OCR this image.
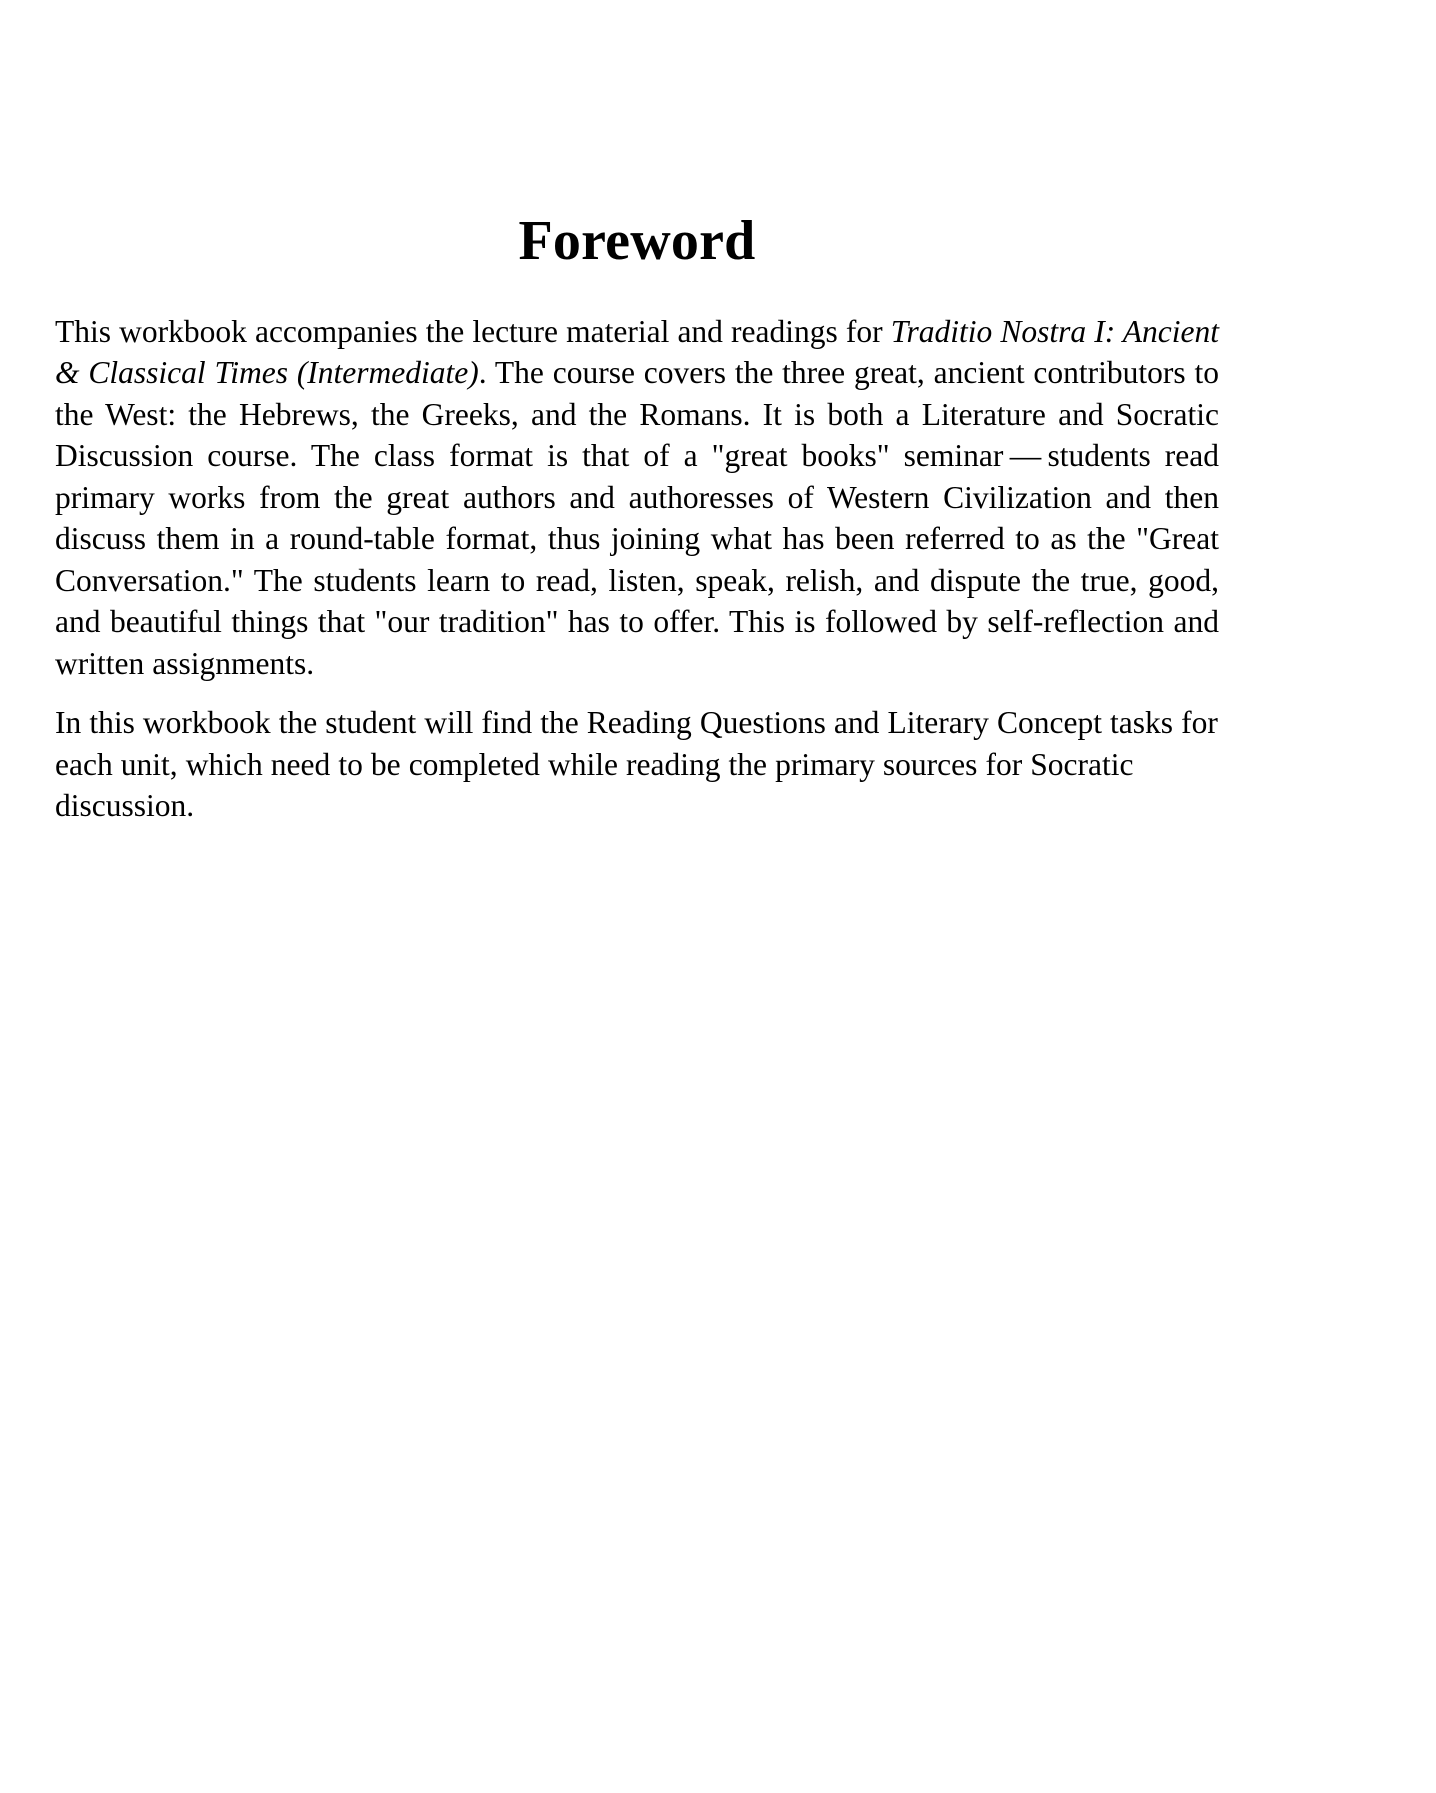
Foreword

This workbook accompanies the lecture material and readings for Traditio Nostra I: Ancient & Classical Times (Intermediate). The course covers the three great, ancient contributors to the West: the Hebrews, the Greeks, and the Romans. It is both a Literature and Socratic Discussion course. The class format is that of a "great books" seminar — students read primary works from the great authors and authoresses of Western Civilization and then discuss them in a round-table format, thus joining what has been referred to as the "Great Conversation." The students learn to read, listen, speak, relish, and dispute the true, good, and beautiful things that "our tradition" has to offer. This is followed by self-reflection and written assignments.

In this workbook the student will find the Reading Questions and Literary Concept tasks for each unit, which need to be completed while reading the primary sources for Socratic discussion.
